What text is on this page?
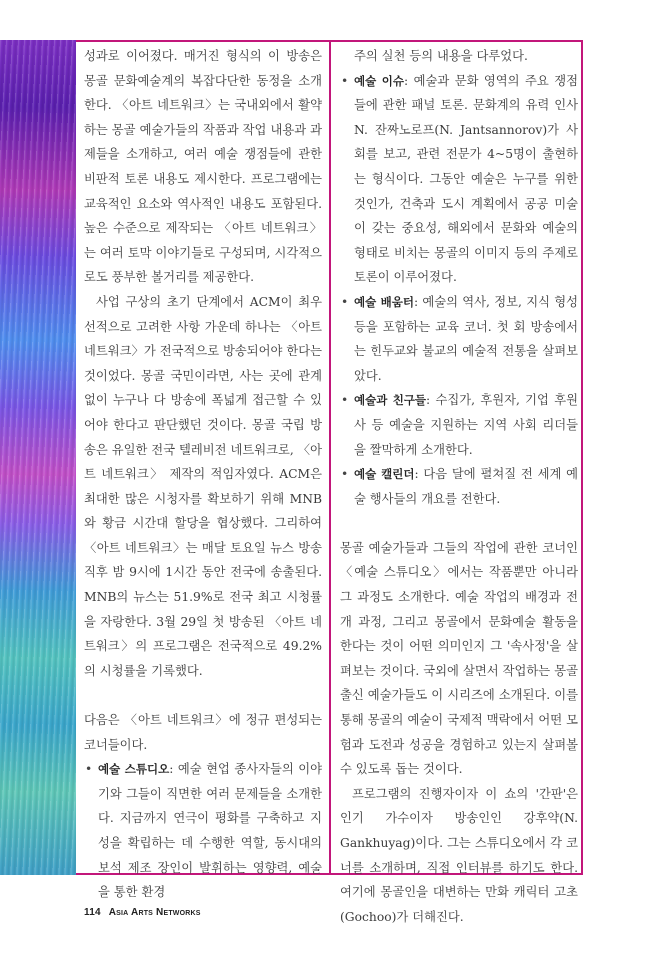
성과로 이어졌다. 매거진 형식의 이 방송은 몽골 문화예술계의 복잡다단한 동정을 소개한다. 〈아트 네트워크〉는 국내외에서 활약하는 몽골 예술가들의 작품과 작업 내용과 과제들을 소개하고, 여러 예술 쟁점들에 관한 비판적 토론 내용도 제시한다. 프로그램에는 교육적인 요소와 역사적인 내용도 포함된다. 높은 수준으로 제작되는 〈아트 네트워크〉는 여러 토막 이야기들로 구성되며, 시각적으로도 풍부한 볼거리를 제공한다.

사업 구상의 초기 단계에서 ACM이 최우선적으로 고려한 사항 가운데 하나는 〈아트 네트워크〉가 전국적으로 방송되어야 한다는 것이었다. 몽골 국민이라면, 사는 곳에 관계없이 누구나 다 방송에 폭넓게 접근할 수 있어야 한다고 판단했던 것이다. 몽골 국립 방송은 유일한 전국 텔레비전 네트워크로, 〈아트 네트워크〉 제작의 적임자였다. ACM은 최대한 많은 시청자를 확보하기 위해 MNB와 황금 시간대 할당을 협상했다. 그리하여 〈아트 네트워크〉는 매달 토요일 뉴스 방송 직후 밤 9시에 1시간 동안 전국에 송출된다. MNB의 뉴스는 51.9%로 전국 최고 시청률을 자랑한다. 3월 29일 첫 방송된 〈아트 네트워크〉의 프로그램은 전국적으로 49.2%의 시청률을 기록했다.

다음은 〈아트 네트워크〉에 정규 편성되는 코너들이다.

• 예술 스튜디오: 예술 현업 종사자들의 이야기와 그들이 직면한 여러 문제들을 소개한다. 지금까지 연극이 평화를 구축하고 지성을 확립하는 데 수행한 역할, 동시대의 보석 제조 장인이 발휘하는 영향력, 예술을 통한 환경

주의 실천 등의 내용을 다루었다.

• 예술 이슈: 예술과 문화 영역의 주요 쟁점들에 관한 패널 토론. 문화계의 유력 인사 N. 잔짜노로프(N. Jantsannorov)가 사회를 보고, 관련 전문가 4~5명이 출현하는 형식이다. 그동안 예술은 누구를 위한 것인가, 건축과 도시 계획에서 공공 미술이 갖는 중요성, 해외에서 문화와 예술의 형태로 비치는 몽골의 이미지 등의 주제로 토론이 이루어졌다.

• 예술 배움터: 예술의 역사, 정보, 지식 형성 등을 포함하는 교육 코너. 첫 회 방송에서는 힌두교와 불교의 예술적 전통을 살펴보았다.

• 예술과 친구들: 수집가, 후원자, 기업 후원사 등 예술을 지원하는 지역 사회 리더들을 짤막하게 소개한다.

• 예술 캘린더: 다음 달에 펼쳐질 전 세계 예술 행사들의 개요를 전한다.

몽골 예술가들과 그들의 작업에 관한 코너인 〈예술 스튜디오〉에서는 작품뿐만 아니라 그 과정도 소개한다. 예술 작업의 배경과 전개 과정, 그리고 몽골에서 문화예술 활동을 한다는 것이 어떤 의미인지 그 '속사정'을 살펴보는 것이다. 국외에 살면서 작업하는 몽골 출신 예술가들도 이 시리즈에 소개된다. 이를 통해 몽골의 예술이 국제적 맥락에서 어떤 모험과 도전과 성공을 경험하고 있는지 살펴볼 수 있도록 돕는 것이다.

프로그램의 진행자이자 이 쇼의 '간판'은 인기 가수이자 방송인인 강후약(N. Gankhuyag)이다. 그는 스튜디오에서 각 코너를 소개하며, 직접 인터뷰를 하기도 한다. 여기에 몽골인을 대변하는 만화 캐릭터 고초(Gochoo)가 더해진다.

114 Asia Arts Networks
